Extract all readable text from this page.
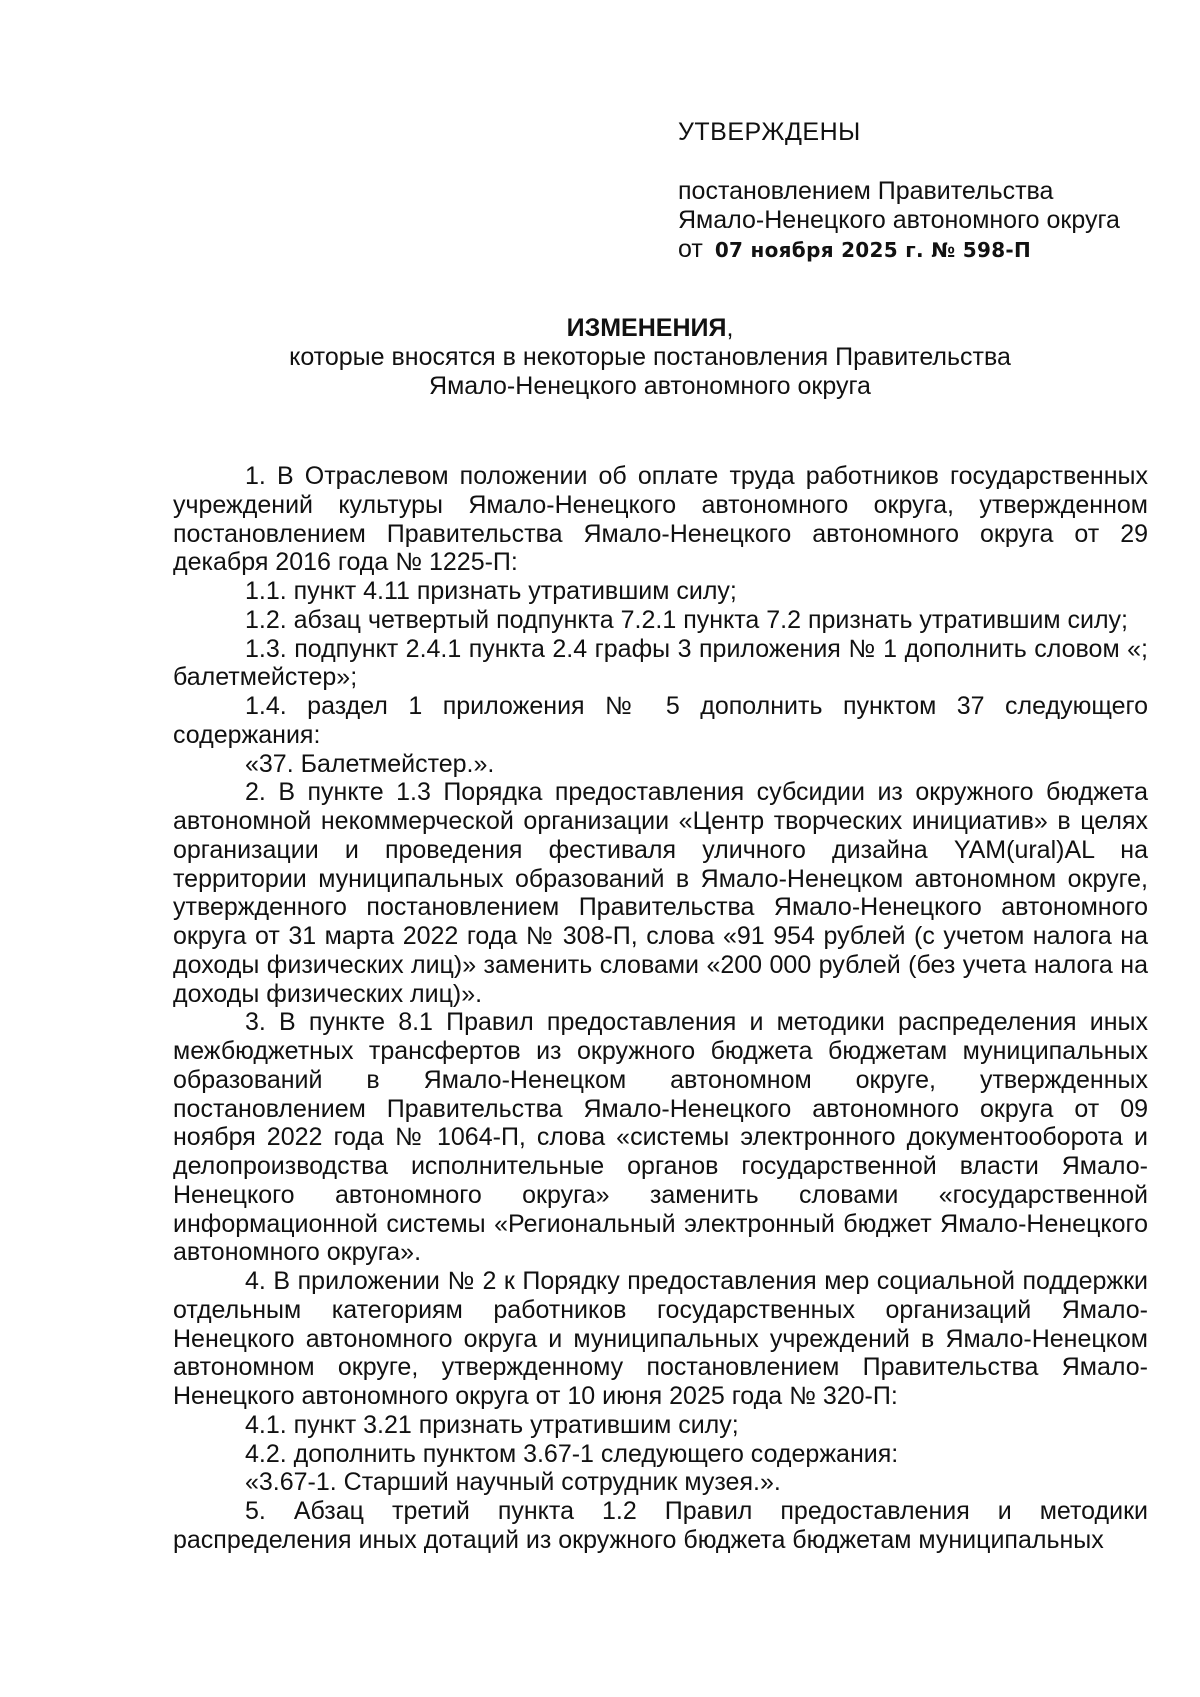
УТВЕРЖДЕНЫ
постановлением Правительства
Ямало-Ненецкого автономного округа
от 07 ноября 2025 г. № 598-П
ИЗМЕНЕНИЯ,
которые вносятся в некоторые постановления Правительства
Ямало-Ненецкого автономного округа

1. В Отраслевом положении об оплате труда работников государственных учреждений культуры Ямало-Ненецкого автономного округа, утвержденном постановлением Правительства Ямало-Ненецкого автономного округа от 29 декабря 2016 года № 1225-П:

1.1. пункт 4.11 признать утратившим силу;

1.2. абзац четвертый подпункта 7.2.1 пункта 7.2 признать утратившим силу;

1.3. подпункт 2.4.1 пункта 2.4 графы 3 приложения № 1 дополнить словом «; балетмейстер»;

1.4. раздел 1 приложения № 5 дополнить пунктом 37 следующего содержания:

«37. Балетмейстер.».

2. В пункте 1.3 Порядка предоставления субсидии из окружного бюджета автономной некоммерческой организации «Центр творческих инициатив» в целях организации и проведения фестиваля уличного дизайна YAM(ural)AL на территории муниципальных образований в Ямало-Ненецком автономном округе, утвержденного постановлением Правительства Ямало-Ненецкого автономного округа от 31 марта 2022 года № 308-П, слова «91 954 рублей (с учетом налога на доходы физических лиц)» заменить словами «200 000 рублей (без учета налога на доходы физических лиц)».

3. В пункте 8.1 Правил предоставления и методики распределения иных межбюджетных трансфертов из окружного бюджета бюджетам муниципальных образований в Ямало-Ненецком автономном округе, утвержденных постановлением Правительства Ямало-Ненецкого автономного округа от 09 ноября 2022 года № 1064-П, слова «системы электронного документооборота и делопроизводства исполнительные органов государственной власти Ямало-Ненецкого автономного округа» заменить словами «государственной информационной системы «Региональный электронный бюджет Ямало-Ненецкого автономного округа».

4. В приложении № 2 к Порядку предоставления мер социальной поддержки отдельным категориям работников государственных организаций Ямало-Ненецкого автономного округа и муниципальных учреждений в Ямало-Ненецком автономном округе, утвержденному постановлением Правительства Ямало-Ненецкого автономного округа от 10 июня 2025 года № 320-П:

4.1. пункт 3.21 признать утратившим силу;

4.2. дополнить пунктом 3.67-1 следующего содержания:

«3.67-1. Старший научный сотрудник музея.».

5. Абзац третий пункта 1.2 Правил предоставления и методики распределения иных дотаций из окружного бюджета бюджетам муниципальных
